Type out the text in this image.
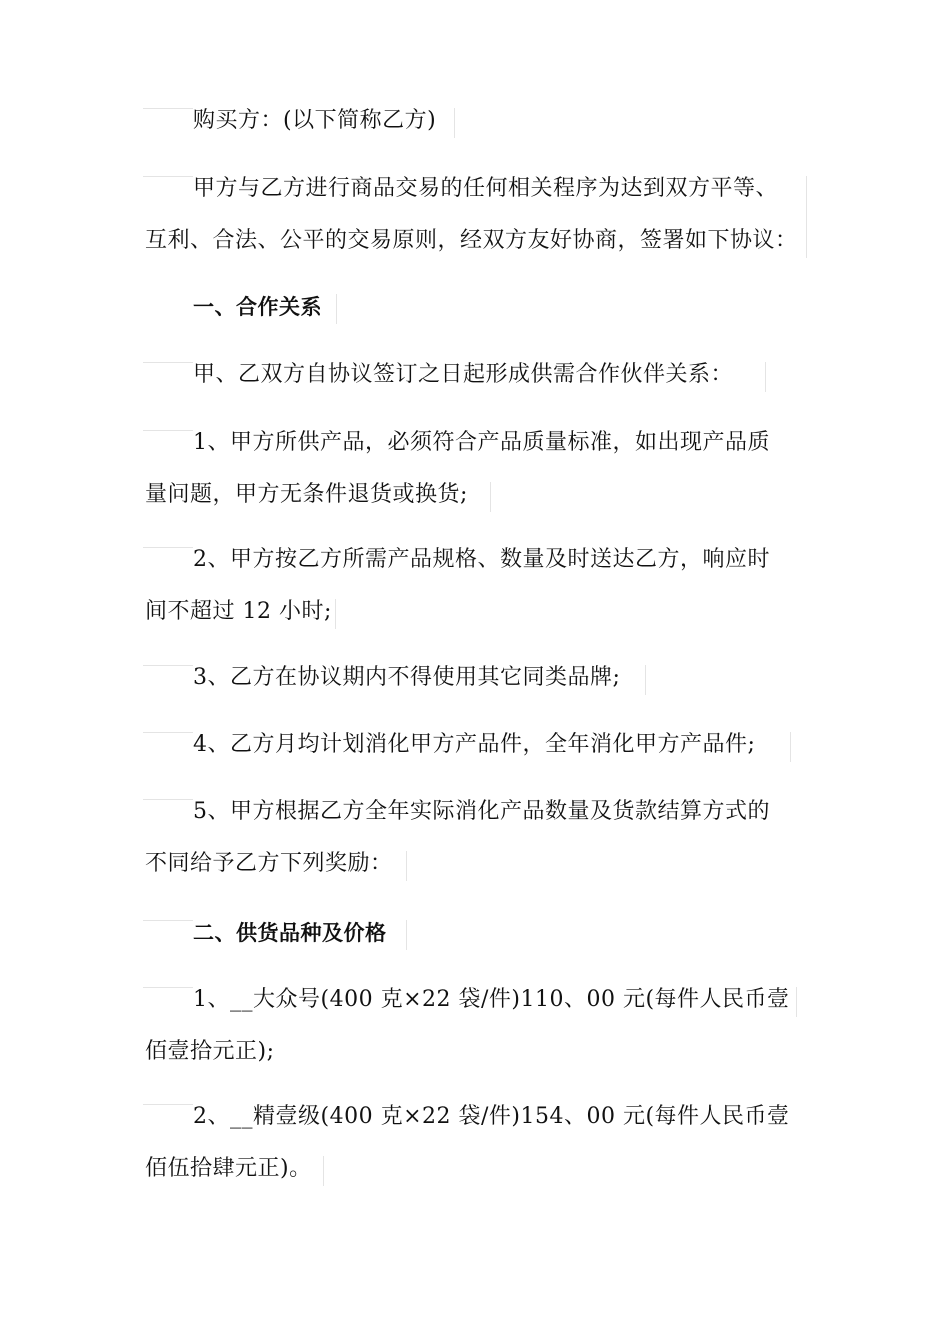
购买方：(以下简称乙方)
甲方与乙方进行商品交易的任何相关程序为达到双方平等、
互利、合法、公平的交易原则，经双方友好协商，签署如下协议：
一、合作关系
甲、乙双方自协议签订之日起形成供需合作伙伴关系：
1、甲方所供产品，必须符合产品质量标准，如出现产品质
量问题，甲方无条件退货或换货;
2、甲方按乙方所需产品规格、数量及时送达乙方，响应时
间不超过 12 小时;
3、乙方在协议期内不得使用其它同类品牌;
4、乙方月均计划消化甲方产品件，全年消化甲方产品件;
5、甲方根据乙方全年实际消化产品数量及货款结算方式的
不同给予乙方下列奖励：
二、供货品种及价格
1、__大众号(400 克×22 袋/件)110、00 元(每件人民币壹
佰壹拾元正);
2、__精壹级(400 克×22 袋/件)154、00 元(每件人民币壹
佰伍拾肆元正)。
